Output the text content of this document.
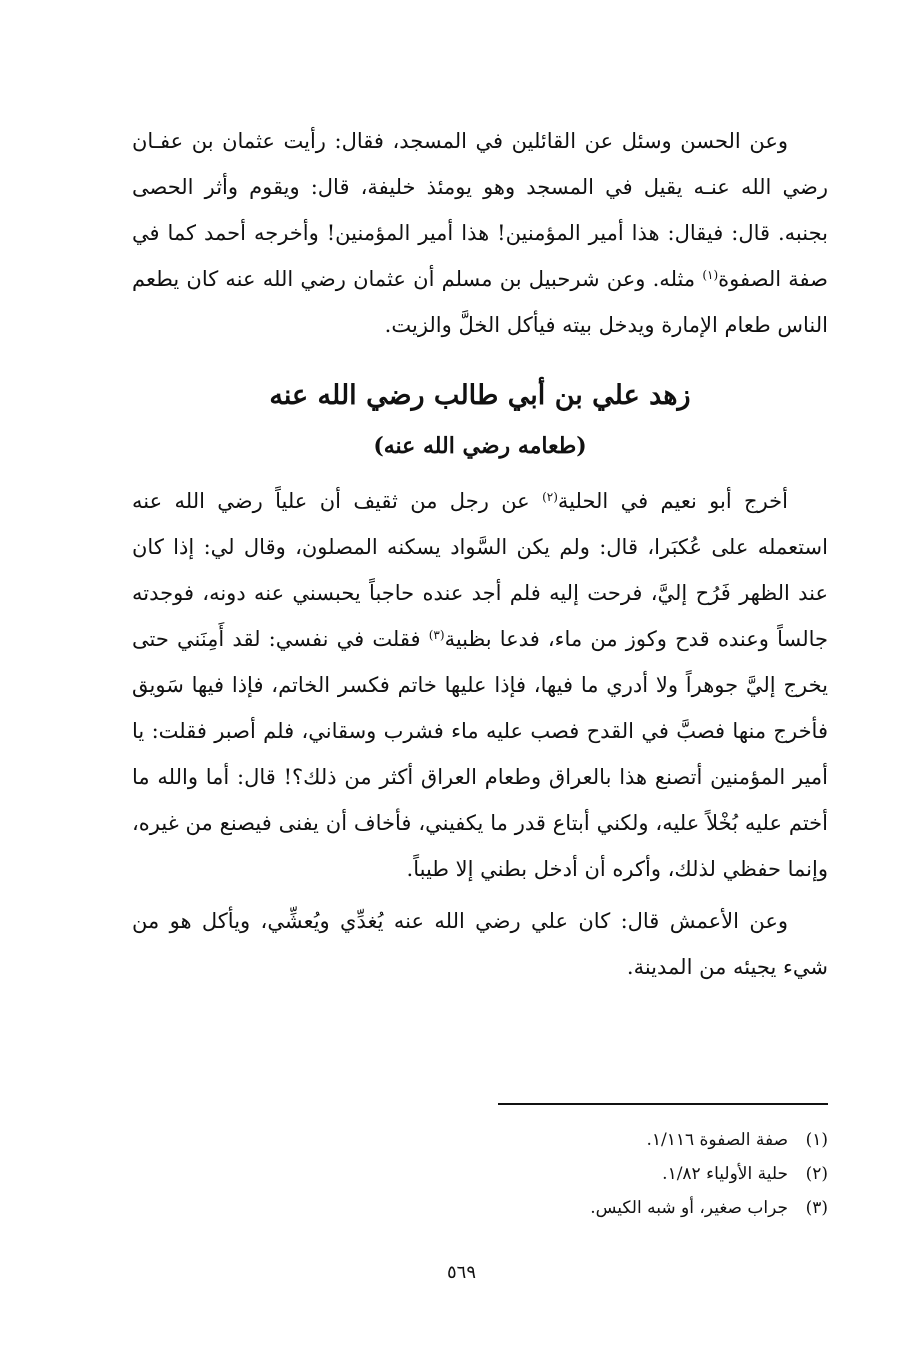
وعن الحسن وسئل عن القائلين في المسجد، فقال: رأيت عثمان بن عفـان رضي الله عنـه يقيل في المسجد وهو يومئذ خليفة، قال: ويقوم وأثر الحصى بجنبه. قال: فيقال: هذا أمير المؤمنين! هذا أمير المؤمنين! وأخرجه أحمد كما في صفة الصفوة$^{(١)}$ مثله. وعن شرحبيل بن مسلم أن عثمان رضي الله عنه كان يطعم الناس طعام الإمارة ويدخل بيته فيأكل الخلَّ والزيت.

زهد علي بن أبي طالب رضي الله عنه
(طعامه رضي الله عنه)

أخرج أبو نعيم في الحلية$^{(٢)}$ عن رجل من ثقيف أن علياً رضي الله عنه استعمله على عُكبَرا، قال: ولم يكن السَّواد يسكنه المصلون، وقال لي: إذا كان عند الظهر فَرُح إليَّ، فرحت إليه فلم أجد عنده حاجباً يحبسني عنه دونه، فوجدته جالساً وعنده قدح وكوز من ماء، فدعا بظبية$^{(٣)}$ فقلت في نفسي: لقد أَمِنَني حتى يخرج إليَّ جوهراً ولا أدري ما فيها، فإذا عليها خاتم فكسر الخاتم، فإذا فيها سَويق فأخرج منها فصبَّ في القدح فصب عليه ماء فشرب وسقاني، فلم أصبر فقلت: يا أمير المؤمنين أتصنع هذا بالعراق وطعام العراق أكثر من ذلك؟! قال: أما والله ما أختم عليه بُخْلاً عليه، ولكني أبتاع قدر ما يكفيني، فأخاف أن يفنى فيصنع من غيره، وإنما حفظي لذلك، وأكره أن أدخل بطني إلا طيباً.

وعن الأعمش قال: كان علي رضي الله عنه يُغدِّي ويُعشِّي، ويأكل هو من شيء يجيئه من المدينة.

(١)صفة الصفوة ١/١١٦.
(٢)حلية الأولياء ١/٨٢.
(٣)جراب صغير، أو شبه الكيس.
٥٦٩
